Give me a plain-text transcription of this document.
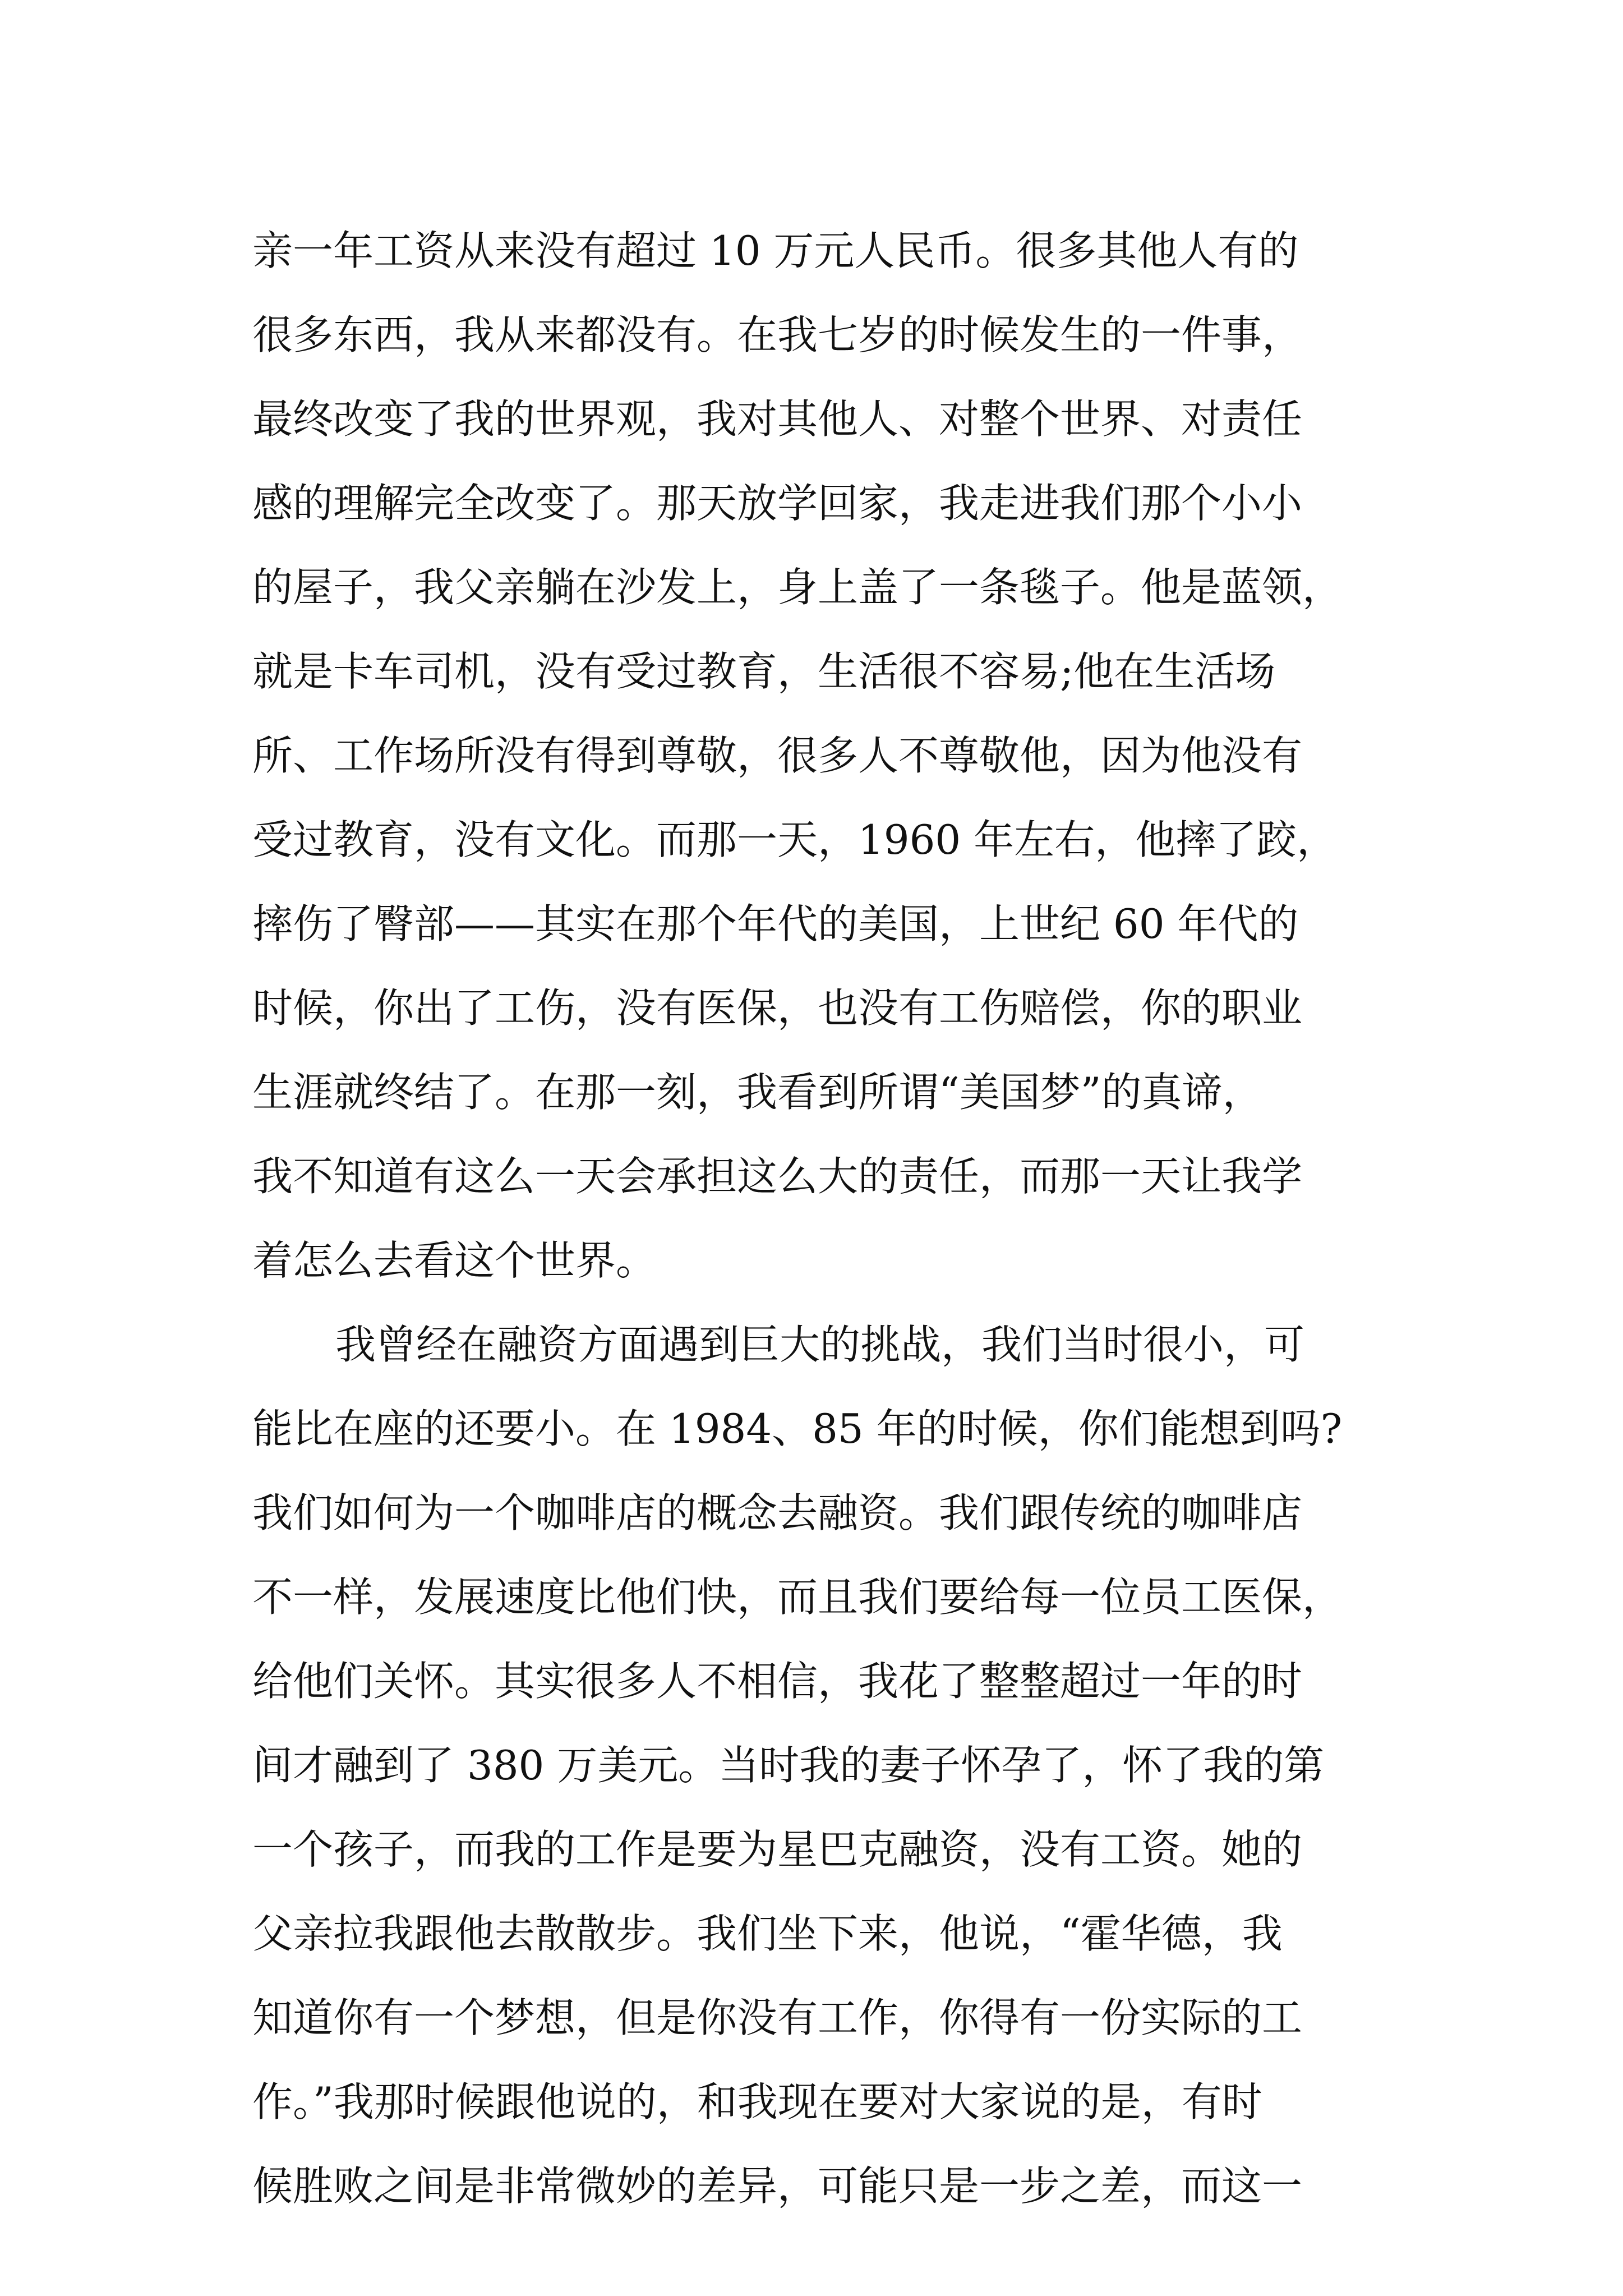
亲一年工资从来没有超过 10 万元人民币。很多其他人有的
很多东西，我从来都没有。在我七岁的时候发生的一件事，
最终改变了我的世界观，我对其他人、对整个世界、对责任
感的理解完全改变了。那天放学回家，我走进我们那个小小
的屋子，我父亲躺在沙发上，身上盖了一条毯子。他是蓝领，
就是卡车司机，没有受过教育，生活很不容易;他在生活场
所、工作场所没有得到尊敬，很多人不尊敬他，因为他没有
受过教育，没有文化。而那一天，1960 年左右，他摔了跤，
摔伤了臀部——其实在那个年代的美国，上世纪 60 年代的
时候，你出了工伤，没有医保，也没有工伤赔偿，你的职业
生涯就终结了。在那一刻，我看到所谓“美国梦”的真谛，
我不知道有这么一天会承担这么大的责任，而那一天让我学
着怎么去看这个世界。
我曾经在融资方面遇到巨大的挑战，我们当时很小，可
能比在座的还要小。在 1984、85 年的时候，你们能想到吗?
我们如何为一个咖啡店的概念去融资。我们跟传统的咖啡店
不一样，发展速度比他们快，而且我们要给每一位员工医保，
给他们关怀。其实很多人不相信，我花了整整超过一年的时
间才融到了 380 万美元。当时我的妻子怀孕了，怀了我的第
一个孩子，而我的工作是要为星巴克融资，没有工资。她的
父亲拉我跟他去散散步。我们坐下来，他说，“霍华德，我
知道你有一个梦想，但是你没有工作，你得有一份实际的工
作。”我那时候跟他说的，和我现在要对大家说的是，有时
候胜败之间是非常微妙的差异，可能只是一步之差，而这一
